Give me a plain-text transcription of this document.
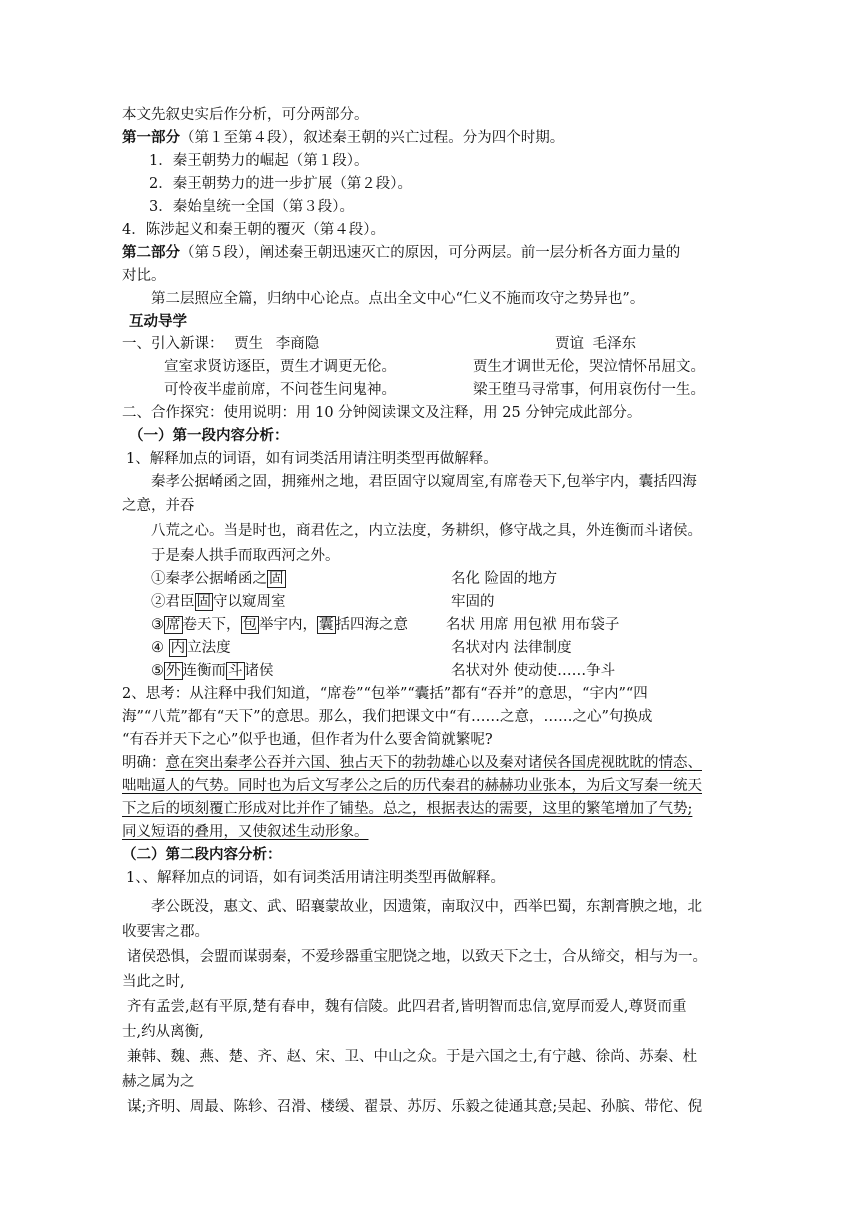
本文先叙史实后作分析，可分两部分。
第一部分（第１至第４段），叙述秦王朝的兴亡过程。分为四个时期。
1．秦王朝势力的崛起（第１段）。
2．秦王朝势力的进一步扩展（第２段）。
3．秦始皇统一全国（第３段）。
4．陈涉起义和秦王朝的覆灭（第４段）。
第二部分（第５段），阐述秦王朝迅速灭亡的原因，可分两层。前一层分析各方面力量的
对比。
第二层照应全篇，归纳中心论点。点出全文中心“仁义不施而攻守之势异也”。
互动导学
一、引入新课： 贾生 李商隐	贾谊 毛泽东
宣室求贤访逐臣，贾生才调更无伦。	贾生才调世无伦，哭泣情怀吊屈文。
可怜夜半虚前席，不问苍生问鬼神。	梁王堕马寻常事，何用哀伤付一生。
二、合作探究：使用说明：用 10 分钟阅读课文及注释，用 25 分钟完成此部分。
（一）第一段内容分析：
1、解释加点的词语，如有词类活用请注明类型再做解释。
秦孝公据崤函之固，拥雍州之地，君臣固守以窥周室,有席卷天下,包举宇内，囊括四海
之意，并吞
八荒之心。当是时也，商君佐之，内立法度，务耕织，修守战之具，外连衡而斗诸侯。
于是秦人拱手而取西河之外。
①秦孝公据崤函之 固	名化 险固的地方
②君臣 固 守以窥周室	牢固的
③ 席 卷天下， 包 举宇内， 囊 括四海之意	名状 用席 用包袱 用布袋子
④ 内 立法度	名状对内 法律制度
⑤ 外 连衡而 斗 诸侯	名状对外 使动使……争斗
2、思考：从注释中我们知道，“席卷”“包举”“囊括”都有“吞并”的意思，“宇内”“四
海”“八荒”都有“天下”的意思。那么，我们把课文中“有……之意，……之心”句换成
“有吞并天下之心”似乎也通，但作者为什么要舍简就繁呢?
明确：意在突出秦孝公吞并六国、独占天下的勃勃雄心以及秦对诸侯各国虎视眈眈的情态、
咄咄逼人的气势。同时也为后文写孝公之后的历代秦君的赫赫功业张本，为后文写秦一统天
下之后的顷刻覆亡形成对比并作了铺垫。总之，根据表达的需要，这里的繁笔增加了气势;
同义短语的叠用，又使叙述生动形象。
（二）第二段内容分析：
1、、解释加点的词语，如有词类活用请注明类型再做解释。
孝公既没，惠文、武、昭襄蒙故业，因遗策，南取汉中，西举巴蜀，东割膏腴之地，北
收要害之郡。
诸侯恐惧，会盟而谋弱秦，不爱珍器重宝肥饶之地，以致天下之士，合从缔交，相与为一。
当此之时,
齐有孟尝,赵有平原,楚有春申，魏有信陵。此四君者,皆明智而忠信,宽厚而爱人,尊贤而重
士,约从离衡,
兼韩、魏、燕、楚、齐、赵、宋、卫、中山之众。于是六国之士,有宁越、徐尚、苏秦、杜
赫之属为之
谋;齐明、周最、陈轸、召滑、楼缓、翟景、苏厉、乐毅之徒通其意;吴起、孙膑、带佗、倪
